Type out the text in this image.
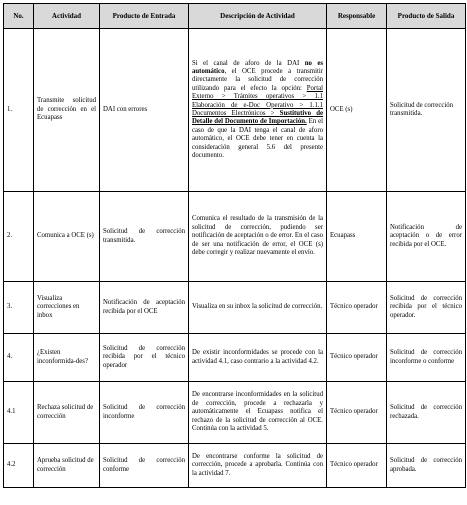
No.	Actividad	Producto de Entrada	Descripción de Actividad	Responsable	Producto de Salida
1.	Transmite solicitud de corrección en el Ecuapass	DAI con errores	Si el canal de aforo de la DAI no es automático, el OCE procede a transmitir directamente la solicitud de corrección utilizando para el efecto la opción: Portal Externo > Trámites operativos > 1.1 Elaboración de e-Doc Operativo > 1.1.1 Documentos Electrónicos > Sustitutivo de Detalle del Documento de Importación. En el caso de que la DAI tenga el canal de aforo automático, el OCE debe tener en cuenta la consideración general 5.6 del presente documento.	OCE (s)	Solicitud de corrección transmitida.
2.	Comunica a OCE (s)	Solicitud de corrección transmitida.	Comunica el resultado de la transmisión de la solicitud de corrección, pudiendo ser notificación de aceptación o de error. En el caso de ser una notificación de error, el OCE (s) debe corregir y realizar nuevamente el envío.	Ecuapass	Notificación de aceptación o de error recibida por el OCE.
3.	Visualiza correcciones en inbox	Notificación de aceptación recibida por el OCE	Visualiza en su inbox la solicitud de corrección.	Técnico operador	Solicitud de corrección recibida por el técnico operador.
4.	¿Existen inconformida-des?	Solicitud de corrección recibida por el técnico operador	De existir inconformidades se procede con la actividad 4.1, caso contrario a la actividad 4.2.	Técnico operador	Solicitud de corrección inconforme o conforme
4.1	Rechaza solicitud de corrección	Solicitud de corrección inconforme	De encontrarse inconformidades en la solicitud de corrección, procede a rechazarla y automáticamente el Ecuapass notifica el rechazo de la solicitud de corrección al OCE. Continúa con la actividad 5.	Técnico operador	Solicitud de corrección rechazada.
4.2	Aprueba solicitud de corrección	Solicitud de corrección conforme	De encontrarse conforme la solicitud de corrección, procede a aprobarla. Continúa con la actividad 7.	Técnico operador	Solicitud de corrección aprobada.
